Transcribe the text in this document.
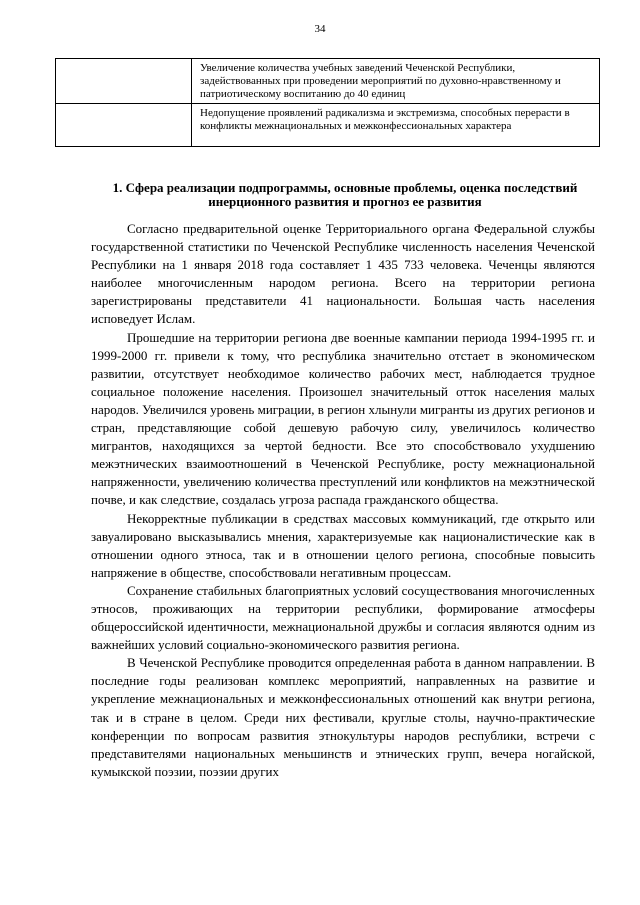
34
	Увеличение количества учебных заведений Чеченской Республики, задействованных при проведении мероприятий по духовно-нравственному и патриотическому воспитанию до 40 единиц
	Недопущение проявлений радикализма и экстремизма, способных перерасти в конфликты межнациональных и межконфессиональных характера
1. Сфера реализации подпрограммы, основные проблемы, оценка последствий инерционного развития и прогноз ее развития

Согласно предварительной оценке Территориального органа Федеральной службы государственной статистики по Чеченской Республике численность населения Чеченской Республики на 1 января 2018 года составляет 1 435 733 человека. Чеченцы являются наиболее многочисленным народом региона. Всего на территории региона зарегистрированы представители 41 национальности. Большая часть населения исповедует Ислам.

Прошедшие на территории региона две военные кампании периода 1994-1995 гг. и 1999-2000 гг. привели к тому, что республика значительно отстает в экономическом развитии, отсутствует необходимое количество рабочих мест, наблюдается трудное социальное положение населения. Произошел значительный отток населения малых народов. Увеличился уровень миграции, в регион хлынули мигранты из других регионов и стран, представляющие собой дешевую рабочую силу, увеличилось количество мигрантов, находящихся за чертой бедности. Все это способствовало ухудшению межэтнических взаимоотношений в Чеченской Республике, росту межнациональной напряженности, увеличению количества преступлений или конфликтов на межэтнической почве, и как следствие, создалась угроза распада гражданского общества.

Некорректные публикации в средствах массовых коммуникаций, где открыто или завуалировано высказывались мнения, характеризуемые как националистические как в отношении одного этноса, так и в отношении целого региона, способные повысить напряжение в обществе, способствовали негативным процессам.

Сохранение стабильных благоприятных условий сосуществования многочисленных этносов, проживающих на территории республики, формирование атмосферы общероссийской идентичности, межнациональной дружбы и согласия являются одним из важнейших условий социально-экономического развития региона.

В Чеченской Республике проводится определенная работа в данном направлении. В последние годы реализован комплекс мероприятий, направленных на развитие и укрепление межнациональных и межконфессиональных отношений как внутри региона, так и в стране в целом. Среди них фестивали, круглые столы, научно-практические конференции по вопросам развития этнокультуры народов республики, встречи с представителями национальных меньшинств и этнических групп, вечера ногайской, кумыкской поэзии, поэзии других
